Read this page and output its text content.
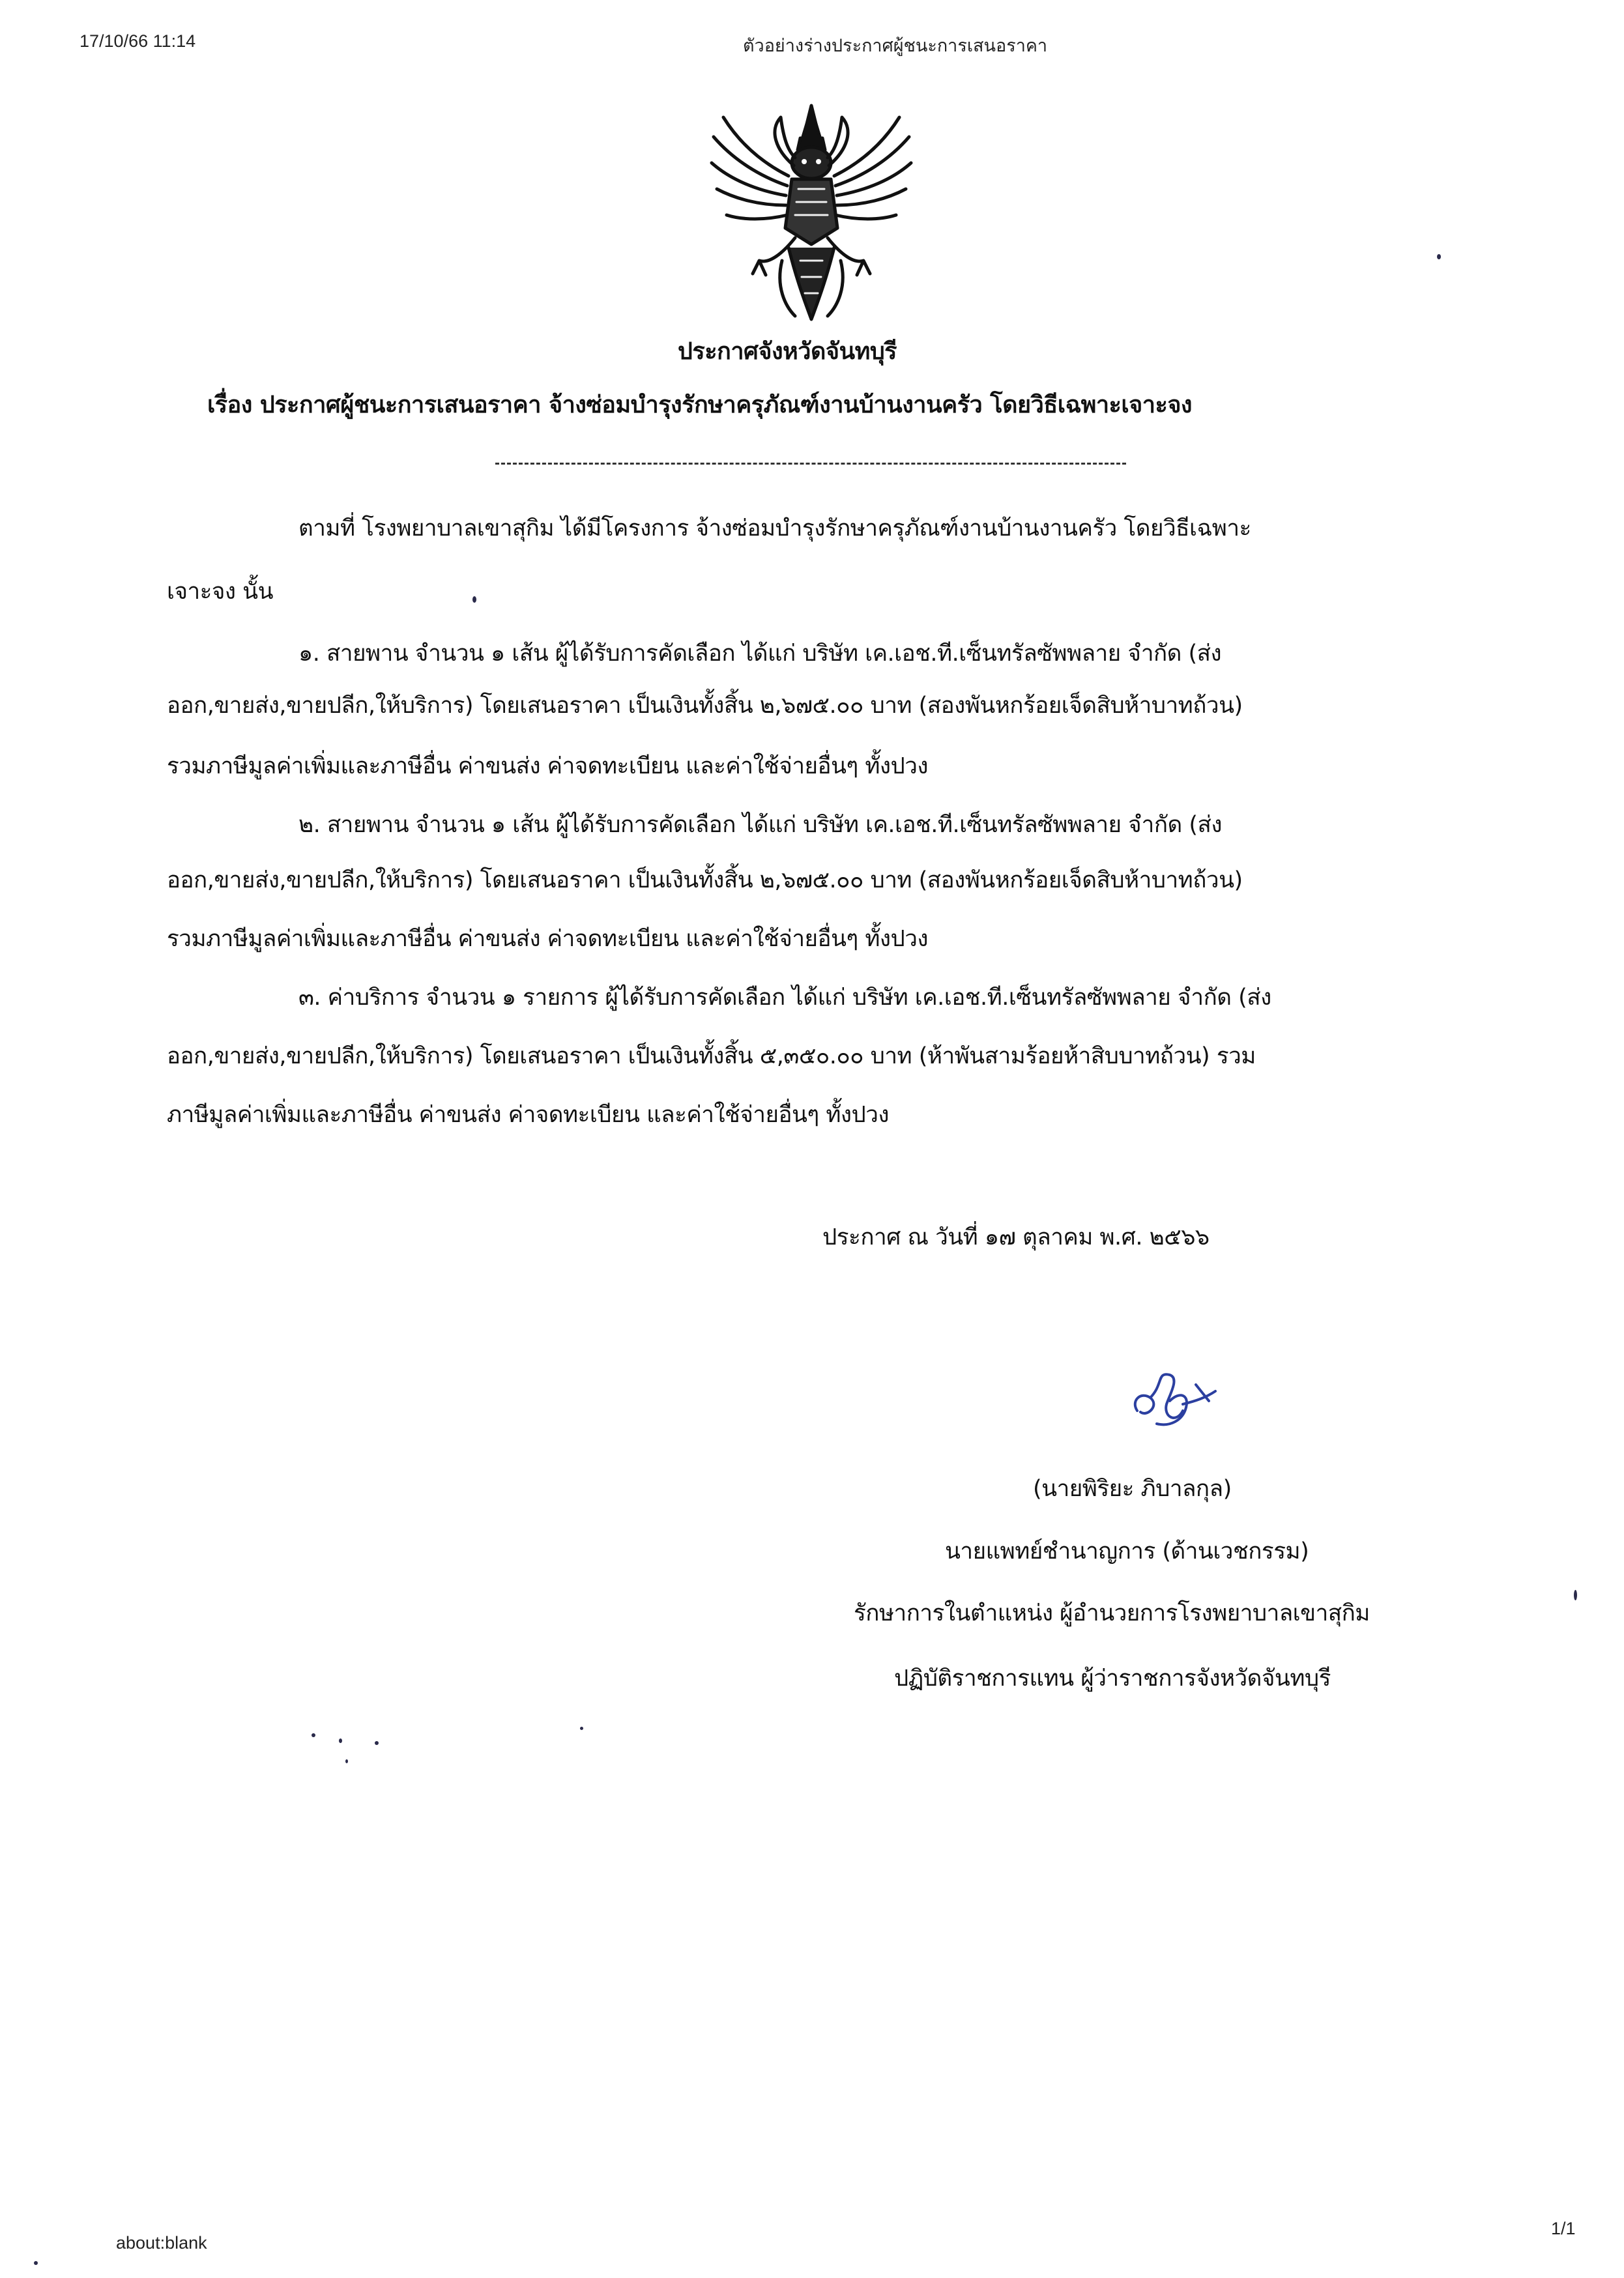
17/10/66 11:14	ตัวอย่างร่างประกาศผู้ชนะการเสนอราคา
ประกาศจังหวัดจันทบุรี
เรื่อง ประกาศผู้ชนะการเสนอราคา จ้างซ่อมบำรุงรักษาครุภัณฑ์งานบ้านงานครัว โดยวิธีเฉพาะเจาะจง
ตามที่ โรงพยาบาลเขาสุกิม ได้มีโครงการ จ้างซ่อมบำรุงรักษาครุภัณฑ์งานบ้านงานครัว โดยวิธีเฉพาะ
เจาะจง นั้น
๑. สายพาน จำนวน ๑ เส้น ผู้ได้รับการคัดเลือก ได้แก่ บริษัท เค.เอช.ที.เซ็นทรัลซัพพลาย จำกัด (ส่ง
ออก,ขายส่ง,ขายปลีก,ให้บริการ) โดยเสนอราคา เป็นเงินทั้งสิ้น ๒,๖๗๕.๐๐ บาท (สองพันหกร้อยเจ็ดสิบห้าบาทถ้วน)
รวมภาษีมูลค่าเพิ่มและภาษีอื่น ค่าขนส่ง ค่าจดทะเบียน และค่าใช้จ่ายอื่นๆ ทั้งปวง
๒. สายพาน จำนวน ๑ เส้น ผู้ได้รับการคัดเลือก ได้แก่ บริษัท เค.เอช.ที.เซ็นทรัลซัพพลาย จำกัด (ส่ง
ออก,ขายส่ง,ขายปลีก,ให้บริการ) โดยเสนอราคา เป็นเงินทั้งสิ้น ๒,๖๗๕.๐๐ บาท (สองพันหกร้อยเจ็ดสิบห้าบาทถ้วน)
รวมภาษีมูลค่าเพิ่มและภาษีอื่น ค่าขนส่ง ค่าจดทะเบียน และค่าใช้จ่ายอื่นๆ ทั้งปวง
๓. ค่าบริการ จำนวน ๑ รายการ ผู้ได้รับการคัดเลือก ได้แก่ บริษัท เค.เอช.ที.เซ็นทรัลซัพพลาย จำกัด (ส่ง
ออก,ขายส่ง,ขายปลีก,ให้บริการ) โดยเสนอราคา เป็นเงินทั้งสิ้น ๕,๓๕๐.๐๐ บาท (ห้าพันสามร้อยห้าสิบบาทถ้วน) รวม
ภาษีมูลค่าเพิ่มและภาษีอื่น ค่าขนส่ง ค่าจดทะเบียน และค่าใช้จ่ายอื่นๆ ทั้งปวง
ประกาศ ณ วันที่ ๑๗ ตุลาคม พ.ศ. ๒๕๖๖
(นายพิริยะ ภิบาลกุล)
นายแพทย์ชำนาญการ (ด้านเวชกรรม)
รักษาการในตำแหน่ง ผู้อำนวยการโรงพยาบาลเขาสุกิม
ปฏิบัติราชการแทน ผู้ว่าราชการจังหวัดจันทบุรี
about:blank
1/1
